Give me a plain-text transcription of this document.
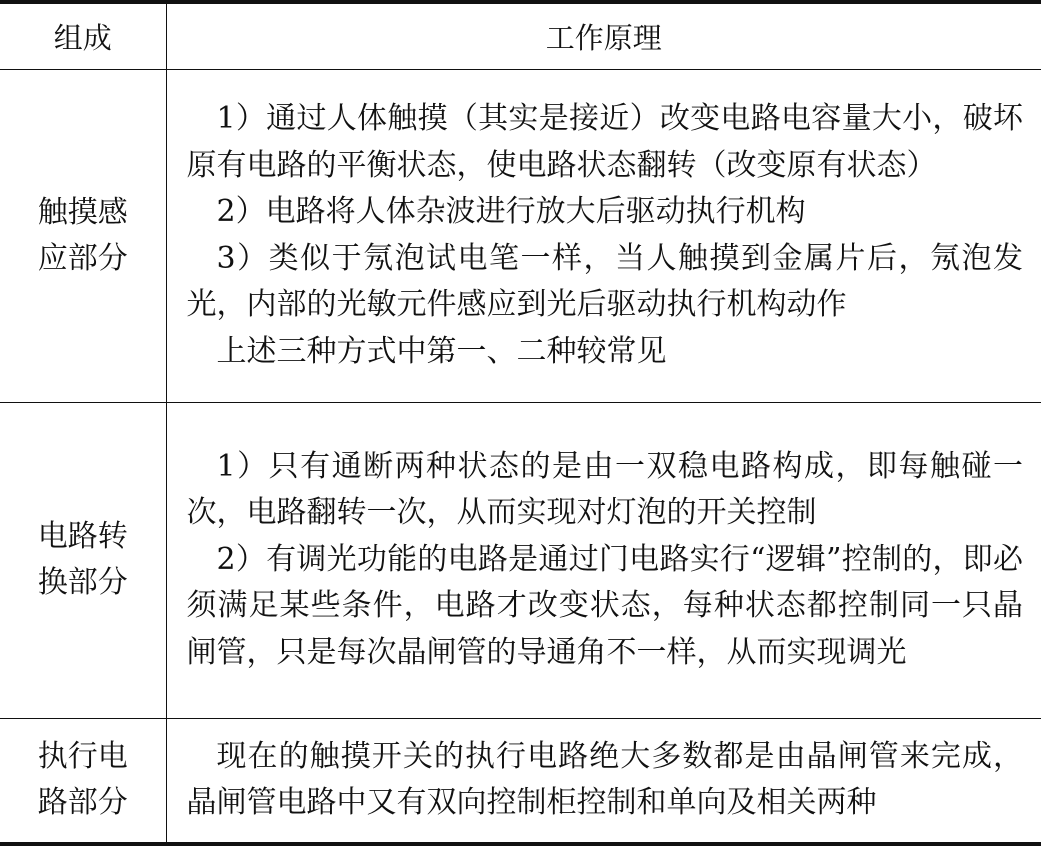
组成	工作原理
触摸感应部分	1）通过人体触摸（其实是接近）改变电路电容量大小，破坏原有电路的平衡状态，使电路状态翻转（改变原有状态）

2）电路将人体杂波进行放大后驱动执行机构

3）类似于氖泡试电笔一样，当人触摸到金属片后，氖泡发光，内部的光敏元件感应到光后驱动执行机构动作

上述三种方式中第一、二种较常见

电路转换部分	1）只有通断两种状态的是由一双稳电路构成，即每触碰一次，电路翻转一次，从而实现对灯泡的开关控制

2）有调光功能的电路是通过门电路实行“逻辑”控制的，即必须满足某些条件，电路才改变状态，每种状态都控制同一只晶闸管，只是每次晶闸管的导通角不一样，从而实现调光

执行电路部分	现在的触摸开关的执行电路绝大多数都是由晶闸管来完成，晶闸管电路中又有双向控制柜控制和单向及相关两种
